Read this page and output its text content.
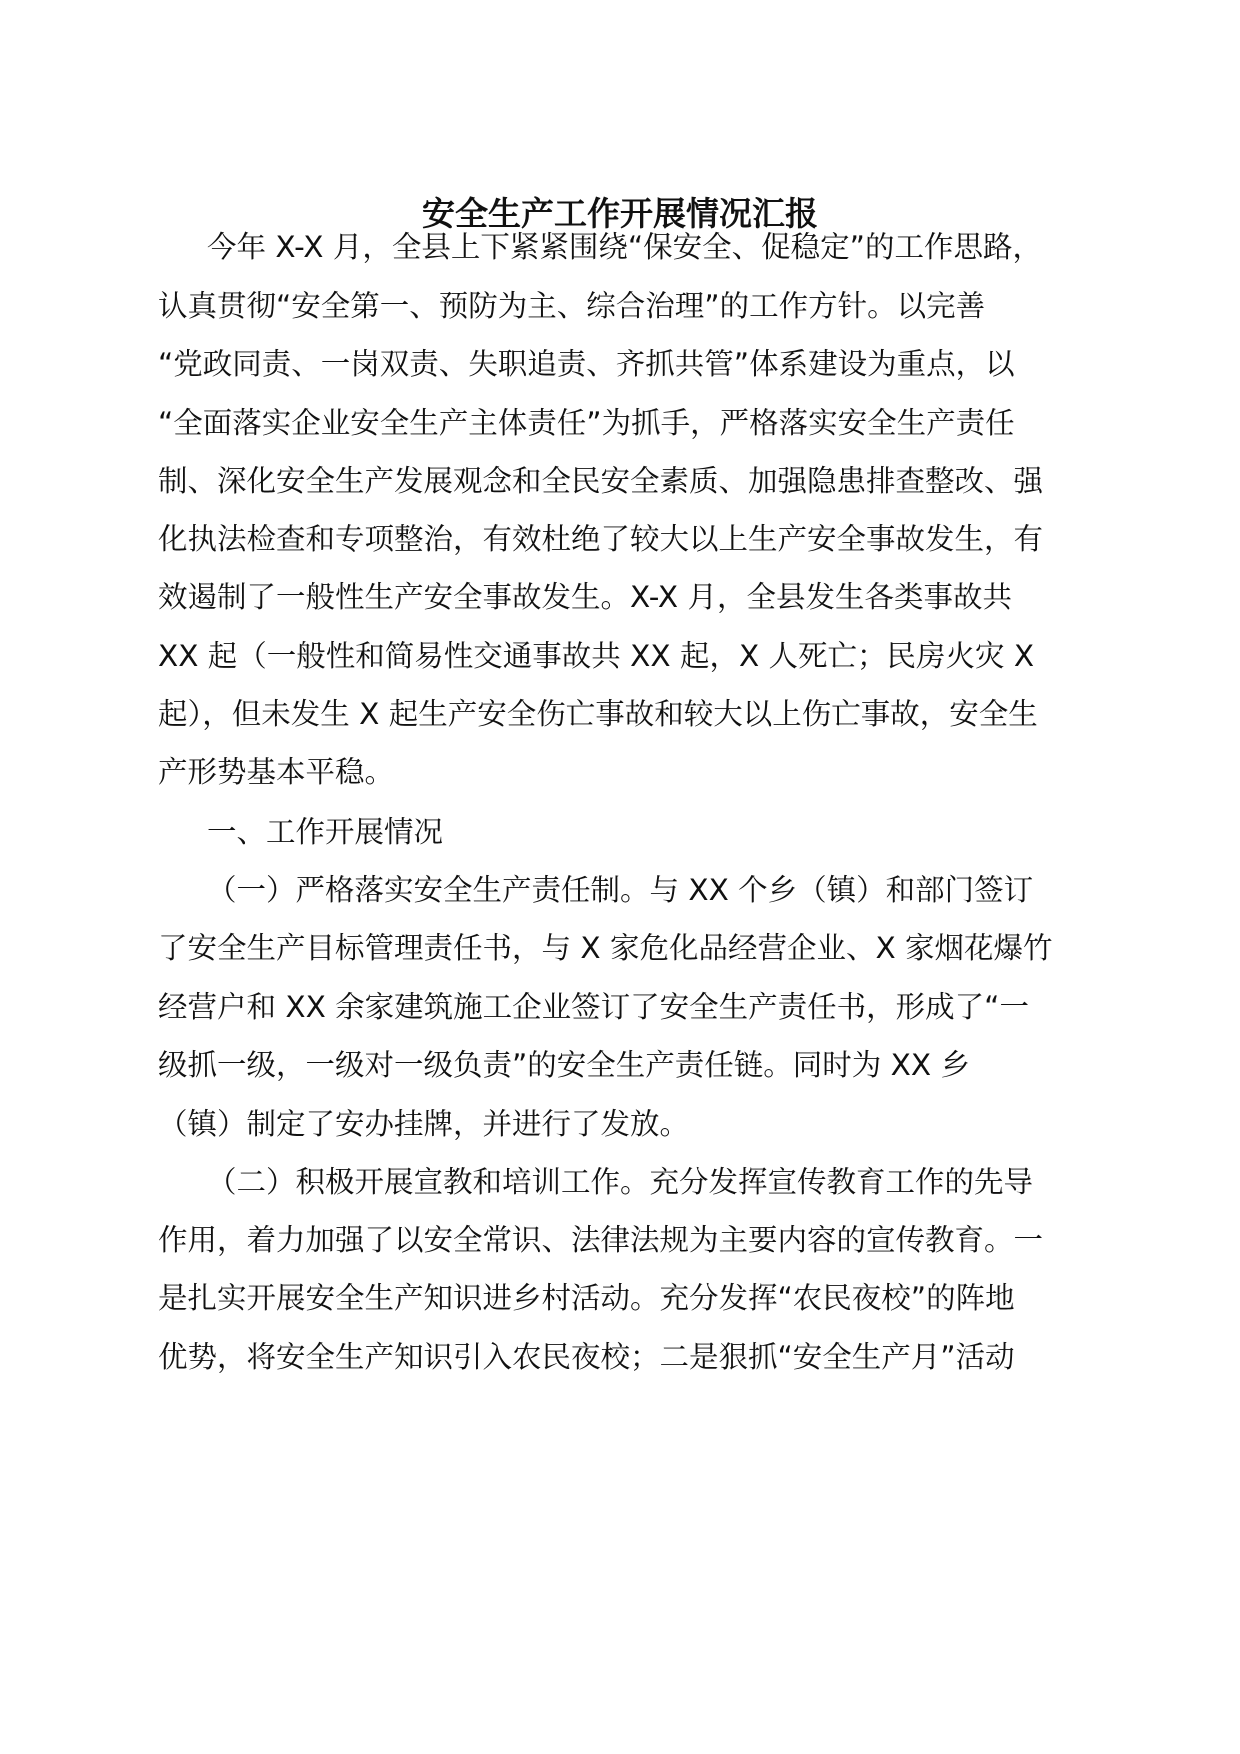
安全生产工作开展情况汇报
今年 X-X 月，全县上下紧紧围绕“保安全、促稳定”的工作思路，
认真贯彻“安全第一、预防为主、综合治理”的工作方针。以完善
“党政同责、一岗双责、失职追责、齐抓共管”体系建设为重点，以
“全面落实企业安全生产主体责任”为抓手，严格落实安全生产责任
制、深化安全生产发展观念和全民安全素质、加强隐患排查整改、强
化执法检查和专项整治，有效杜绝了较大以上生产安全事故发生，有
效遏制了一般性生产安全事故发生。X-X 月，全县发生各类事故共
XX 起（一般性和简易性交通事故共 XX 起，X 人死亡；民房火灾 X
起），但未发生 X 起生产安全伤亡事故和较大以上伤亡事故，安全生
产形势基本平稳。
一、工作开展情况
（一）严格落实安全生产责任制。与 XX 个乡（镇）和部门签订
了安全生产目标管理责任书，与 X 家危化品经营企业、X 家烟花爆竹
经营户和 XX 余家建筑施工企业签订了安全生产责任书，形成了“一
级抓一级，一级对一级负责”的安全生产责任链。同时为 XX 乡
（镇）制定了安办挂牌，并进行了发放。
（二）积极开展宣教和培训工作。充分发挥宣传教育工作的先导
作用，着力加强了以安全常识、法律法规为主要内容的宣传教育。一
是扎实开展安全生产知识进乡村活动。充分发挥“农民夜校”的阵地
优势，将安全生产知识引入农民夜校；二是狠抓“安全生产月”活动
